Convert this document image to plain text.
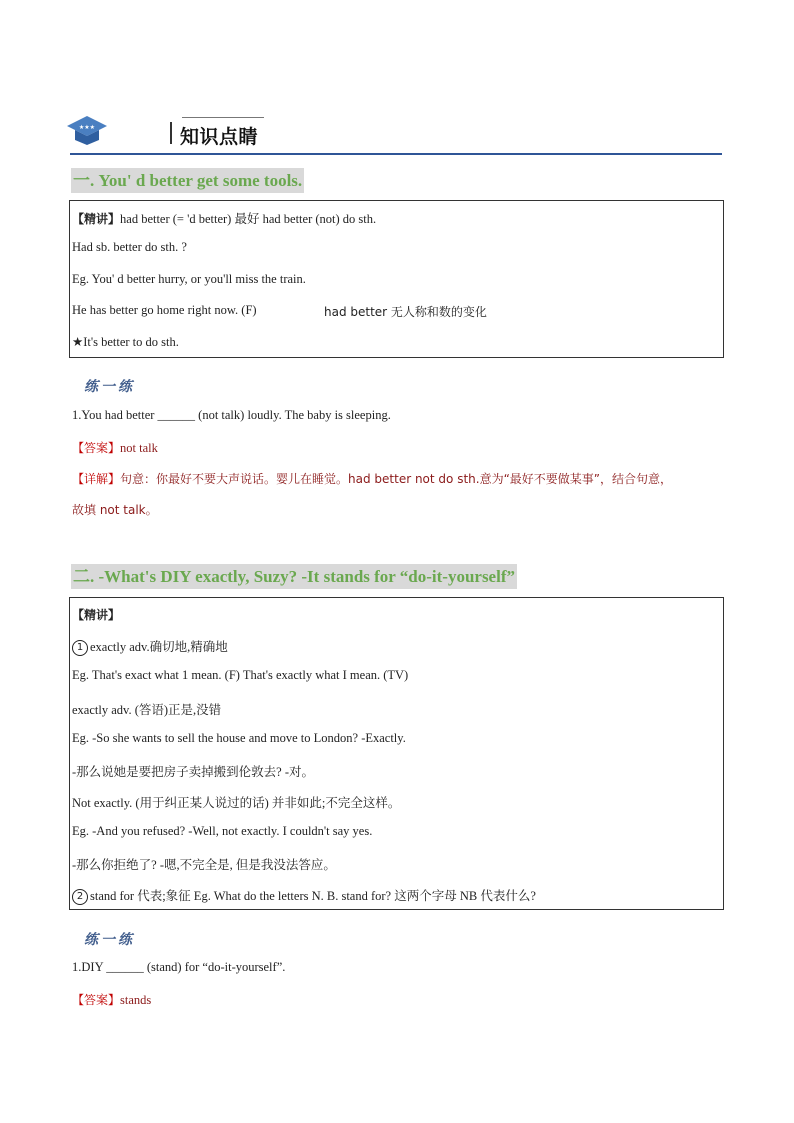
★★★	知识点睛
一. You' d better get some tools.
【精讲】had better (= 'd better) 最好 had better (not) do sth.
Had sb. better do sth. ?
Eg. You' d better hurry, or you'll miss the train.
He has better go home right now. (F)	had better 无人称和数的变化
★It's better to do sth.
练一练
1.You had better ______ (not talk) loudly. The baby is sleeping.
【答案】not talk
【详解】句意：你最好不要大声说话。婴儿在睡觉。had better not do sth.意为“最好不要做某事”，结合句意，
故填 not talk。
二. -What's DIY exactly, Suzy? -It stands for “do-it-yourself”
【精讲】
1 exactly adv.确切地,精确地
Eg. That's exact what 1 mean. (F) That's exactly what I mean. (TV)
exactly adv. (答语)正是,没错
Eg. -So she wants to sell the house and move to London? -Exactly.
-那么说她是要把房子卖掉搬到伦敦去? -对。
Not exactly. (用于纠正某人说过的话) 并非如此;不完全这样。
Eg. -And you refused? -Well, not exactly. I couldn't say yes.
-那么你拒绝了? -嗯,不完全是, 但是我没法答应。
2 stand for 代表;象征 Eg. What do the letters N. B. stand for? 这两个字母 NB 代表什么?
练一练
1.DIY ______ (stand) for “do-it-yourself”.
【答案】stands
